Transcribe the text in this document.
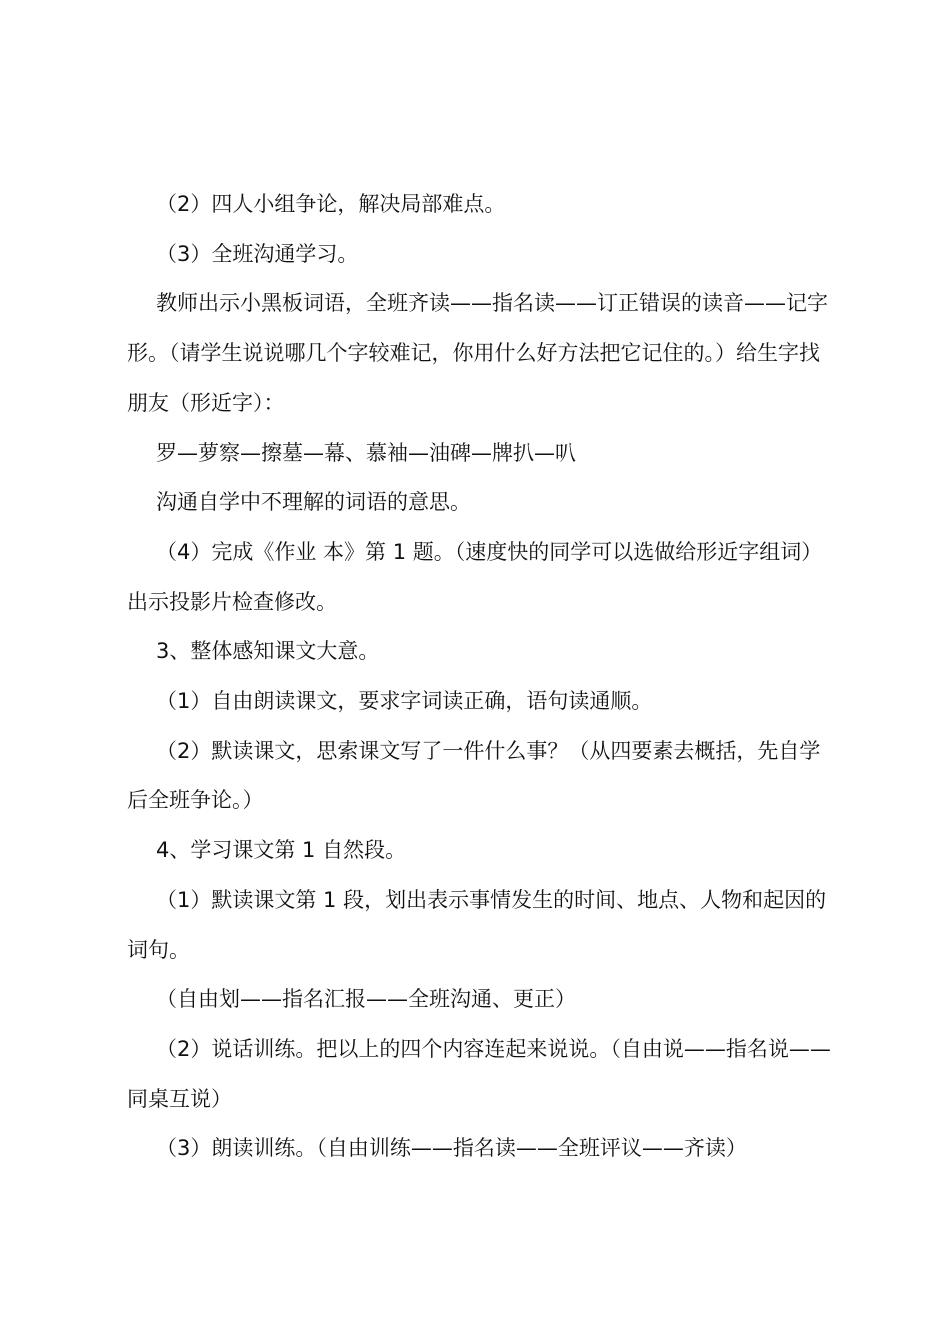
（2）四人小组争论，解决局部难点。

（3）全班沟通学习。

教师出示小黑板词语，全班齐读——指名读——订正错误的读音——记字形。（请学生说说哪几个字较难记，你用什么好方法把它记住的。）给生字找朋友（形近字）：

罗—萝察—擦墓—幕、慕袖—油碑—牌扒—叭

沟通自学中不理解的词语的意思。

（4）完成《作业 本》第 1 题。（速度快的同学可以选做给形近字组词）出示投影片检查修改。

3、整体感知课文大意。

（1）自由朗读课文，要求字词读正确，语句读通顺。

（2）默读课文，思索课文写了一件什么事？（从四要素去概括，先自学后全班争论。）

4、学习课文第 1 自然段。

（1）默读课文第 1 段，划出表示事情发生的时间、地点、人物和起因的词句。

（自由划——指名汇报——全班沟通、更正）

（2）说话训练。把以上的四个内容连起来说说。（自由说——指名说——同桌互说）

（3）朗读训练。（自由训练——指名读——全班评议——齐读）
